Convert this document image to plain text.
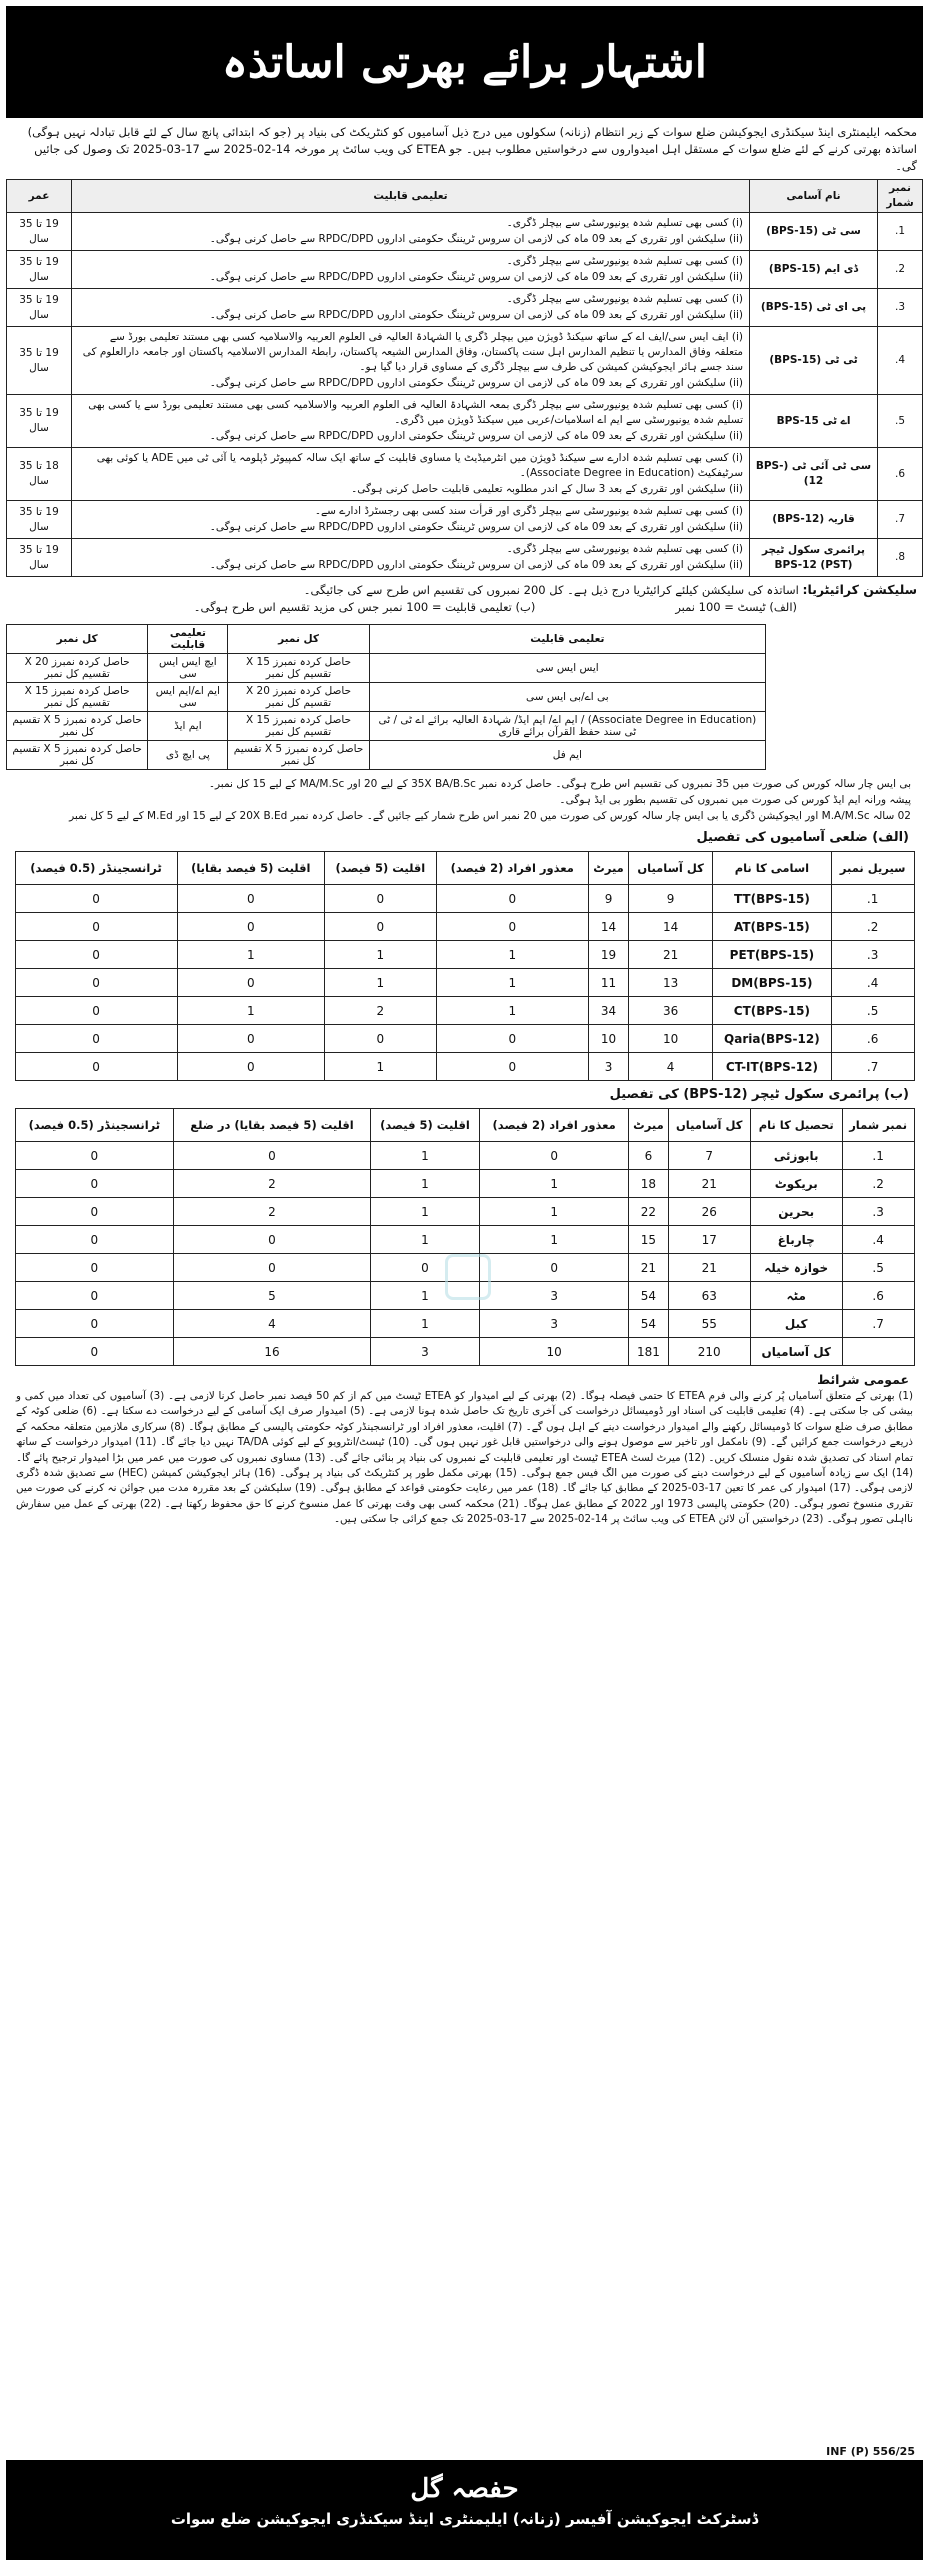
اشتہار برائے بھرتی اساتذہ
محکمہ ایلیمنٹری اینڈ سیکنڈری ایجوکیشن ضلع سوات کے زیر انتظام (زنانہ) سکولوں میں درج ذیل آسامیوں کو کنٹریکٹ کی بنیاد پر (جو کہ ابتدائی پانچ سال کے لئے قابل تبادلہ نہیں ہوگی) اساتذہ بھرتی کرنے کے لئے ضلع سوات کے مستقل اہل امیدواروں سے درخواستیں مطلوب ہیں۔ جو ETEA کی ویب سائٹ پر مورخہ 14-02-2025 سے 17-03-2025 تک وصول کی جائیں گی۔
نمبر شمار	نام آسامی	تعلیمی قابلیت	عمر
1.	سی ٹی (BPS-15)	(i) کسی بھی تسلیم شدہ یونیورسٹی سے بیچلر ڈگری۔
(ii) سلیکشن اور تقرری کے بعد 09 ماہ کی لازمی ان سروس ٹریننگ حکومتی اداروں RPDC/DPD سے حاصل کرنی ہوگی۔	19 تا 35 سال
2.	ڈی ایم (BPS-15)	(i) کسی بھی تسلیم شدہ یونیورسٹی سے بیچلر ڈگری۔
(ii) سلیکشن اور تقرری کے بعد 09 ماہ کی لازمی ان سروس ٹریننگ حکومتی اداروں RPDC/DPD سے حاصل کرنی ہوگی۔	19 تا 35 سال
3.	پی ای ٹی (BPS-15)	(i) کسی بھی تسلیم شدہ یونیورسٹی سے بیچلر ڈگری۔
(ii) سلیکشن اور تقرری کے بعد 09 ماہ کی لازمی ان سروس ٹریننگ حکومتی اداروں RPDC/DPD سے حاصل کرنی ہوگی۔	19 تا 35 سال
4.	ٹی ٹی (BPS-15)	(i) ایف ایس سی/ایف اے کے ساتھ سیکنڈ ڈویژن میں بیچلر ڈگری یا الشہادۃ العالیہ فی العلوم العربیہ والاسلامیہ کسی بھی مستند تعلیمی بورڈ سے متعلقہ وفاق المدارس یا تنظیم المدارس اہل سنت پاکستان، وفاق المدارس الشیعہ پاکستان، رابطۃ المدارس الاسلامیہ پاکستان اور جامعہ دارالعلوم کی سند جسے ہائر ایجوکیشن کمیشن کی طرف سے بیچلر ڈگری کے مساوی قرار دیا گیا ہو۔
(ii) سلیکشن اور تقرری کے بعد 09 ماہ کی لازمی ان سروس ٹریننگ حکومتی اداروں RPDC/DPD سے حاصل کرنی ہوگی۔	19 تا 35 سال
5.	اے ٹی BPS-15	(i) کسی بھی تسلیم شدہ یونیورسٹی سے بیچلر ڈگری بمعہ الشہادۃ العالیہ فی العلوم العربیہ والاسلامیہ کسی بھی مستند تعلیمی بورڈ سے یا کسی بھی تسلیم شدہ یونیورسٹی سے ایم اے اسلامیات/عربی میں سیکنڈ ڈویژن میں ڈگری۔
(ii) سلیکشن اور تقرری کے بعد 09 ماہ کی لازمی ان سروس ٹریننگ حکومتی اداروں RPDC/DPD سے حاصل کرنی ہوگی۔	19 تا 35 سال
6.	سی ٹی آئی ٹی (BPS-12)	(i) کسی بھی تسلیم شدہ ادارے سے سیکنڈ ڈویژن میں انٹرمیڈیٹ یا مساوی قابلیت کے ساتھ ایک سالہ کمپیوٹر ڈپلومہ یا آئی ٹی میں ADE یا کوئی بھی سرٹیفکیٹ (Associate Degree in Education)۔
(ii) سلیکشن اور تقرری کے بعد 3 سال کے اندر مطلوبہ تعلیمی قابلیت حاصل کرنی ہوگی۔	18 تا 35 سال
7.	قاریہ (BPS-12)	(i) کسی بھی تسلیم شدہ یونیورسٹی سے بیچلر ڈگری اور قرأت سند کسی بھی رجسٹرڈ ادارے سے۔
(ii) سلیکشن اور تقرری کے بعد 09 ماہ کی لازمی ان سروس ٹریننگ حکومتی اداروں RPDC/DPD سے حاصل کرنی ہوگی۔	19 تا 35 سال
8.	پرائمری سکول ٹیچر (PST) BPS-12	(i) کسی بھی تسلیم شدہ یونیورسٹی سے بیچلر ڈگری۔
(ii) سلیکشن اور تقرری کے بعد 09 ماہ کی لازمی ان سروس ٹریننگ حکومتی اداروں RPDC/DPD سے حاصل کرنی ہوگی۔	19 تا 35 سال
سلیکشن کرائیٹریا: اساتذہ کی سلیکشن کیلئے کرائیٹریا درج ذیل ہے۔ کل 200 نمبروں کی تقسیم اس طرح سے کی جائیگی۔
(الف) ٹیسٹ = 100 نمبر
(ب) تعلیمی قابلیت = 100 نمبر جس کی مزید تقسیم اس طرح ہوگی۔
تعلیمی قابلیت	کل نمبر	تعلیمی قابلیت	کل نمبر
ایس ایس سی	حاصل کردہ نمبرز X 15 تقسیم کل نمبر	ایچ ایس ایس سی	حاصل کردہ نمبرز X 20 تقسیم کل نمبر
بی اے/بی ایس سی	حاصل کردہ نمبرز X 20 تقسیم کل نمبر	ایم اے/ایم ایس سی	حاصل کردہ نمبرز X 15 تقسیم کل نمبر
(Associate Degree in Education) / ایم اے/ ایم ایڈ/ شہادۃ العالیہ برائے اے ٹی / ٹی ٹی سند حفظ القرآن برائے قاری	حاصل کردہ نمبرز X 15 تقسیم کل نمبر	ایم ایڈ	حاصل کردہ نمبرز X 5 تقسیم کل نمبر
ایم فل	حاصل کردہ نمبرز X 5 تقسیم کل نمبر	پی ایچ ڈی	حاصل کردہ نمبرز X 5 تقسیم کل نمبر
بی ایس چار سالہ کورس کی صورت میں 35 نمبروں کی تقسیم اس طرح ہوگی۔ حاصل کردہ نمبر 35X BA/B.Sc کے لیے 20 اور MA/M.Sc کے لیے 15 کل نمبر۔
پیشہ ورانہ ایم ایڈ کورس کی صورت میں نمبروں کی تقسیم بطور بی ایڈ ہوگی۔
02 سالہ M.A/M.Sc اور ایجوکیشن ڈگری یا بی ایس چار سالہ کورس کی صورت میں 20 نمبر اس طرح شمار کیے جائیں گے۔ حاصل کردہ نمبر 20X B.Ed کے لیے 15 اور M.Ed کے لیے 5 کل نمبر
(الف) ضلعی آسامیوں کی تفصیل
سیریل نمبر	اسامی کا نام	کل آسامیاں	میرٹ	معذور افراد (2 فیصد)	اقلیت (5 فیصد)	اقلیت (5 فیصد بقایا)	ٹرانسجینڈر (0.5 فیصد)
1.	TT(BPS-15)	9	9	0	0	0	0
2.	AT(BPS-15)	14	14	0	0	0	0
3.	PET(BPS-15)	21	19	1	1	1	0
4.	DM(BPS-15)	13	11	1	1	0	0
5.	CT(BPS-15)	36	34	1	2	1	0
6.	Qaria(BPS-12)	10	10	0	0	0	0
7.	CT-IT(BPS-12)	4	3	0	1	0	0
(ب) پرائمری سکول ٹیچر (BPS-12) کی تفصیل
نمبر شمار	تحصیل کا نام	کل آسامیاں	میرٹ	معذور افراد (2 فیصد)	اقلیت (5 فیصد)	اقلیت (5 فیصد بقایا) در ضلع	ٹرانسجینڈر (0.5 فیصد)
1.	بابوزئی	7	6	0	1	0	0
2.	بریکوٹ	21	18	1	1	2	0
3.	بحرین	26	22	1	1	2	0
4.	چارباغ	17	15	1	1	0	0
5.	خوازہ خیلہ	21	21	0	0	0	0
6.	مٹہ	63	54	3	1	5	0
7.	کبل	55	54	3	1	4	0
	کل آسامیاں	210	181	10	3	16	0
عمومی شرائط
(1) بھرتی کے متعلق آسامیاں پُر کرنے والی فرم ETEA کا حتمی فیصلہ ہوگا۔ (2) بھرتی کے لیے امیدوار کو ETEA ٹیسٹ میں کم از کم 50 فیصد نمبر حاصل کرنا لازمی ہے۔ (3) آسامیوں کی تعداد میں کمی و بیشی کی جا سکتی ہے۔ (4) تعلیمی قابلیت کی اسناد اور ڈومیسائل درخواست کی آخری تاریخ تک حاصل شدہ ہونا لازمی ہے۔ (5) امیدوار صرف ایک آسامی کے لیے درخواست دے سکتا ہے۔ (6) ضلعی کوٹہ کے مطابق صرف ضلع سوات کا ڈومیسائل رکھنے والے امیدوار درخواست دینے کے اہل ہوں گے۔ (7) اقلیت، معذور افراد اور ٹرانسجینڈر کوٹہ حکومتی پالیسی کے مطابق ہوگا۔ (8) سرکاری ملازمین متعلقہ محکمہ کے ذریعے درخواست جمع کرائیں گے۔ (9) نامکمل اور تاخیر سے موصول ہونے والی درخواستیں قابل غور نہیں ہوں گی۔ (10) ٹیسٹ/انٹرویو کے لیے کوئی TA/DA نہیں دیا جائے گا۔ (11) امیدوار درخواست کے ساتھ تمام اسناد کی تصدیق شدہ نقول منسلک کریں۔ (12) میرٹ لسٹ ETEA ٹیسٹ اور تعلیمی قابلیت کے نمبروں کی بنیاد پر بنائی جائے گی۔ (13) مساوی نمبروں کی صورت میں عمر میں بڑا امیدوار ترجیح پائے گا۔ (14) ایک سے زیادہ آسامیوں کے لیے درخواست دینے کی صورت میں الگ فیس جمع ہوگی۔ (15) بھرتی مکمل طور پر کنٹریکٹ کی بنیاد پر ہوگی۔ (16) ہائر ایجوکیشن کمیشن (HEC) سے تصدیق شدہ ڈگری لازمی ہوگی۔ (17) امیدوار کی عمر کا تعین 17-03-2025 کے مطابق کیا جائے گا۔ (18) عمر میں رعایت حکومتی قواعد کے مطابق ہوگی۔ (19) سلیکشن کے بعد مقررہ مدت میں جوائن نہ کرنے کی صورت میں تقرری منسوخ تصور ہوگی۔ (20) حکومتی پالیسی 1973 اور 2022 کے مطابق عمل ہوگا۔ (21) محکمہ کسی بھی وقت بھرتی کا عمل منسوخ کرنے کا حق محفوظ رکھتا ہے۔ (22) بھرتی کے عمل میں سفارش نااہلی تصور ہوگی۔ (23) درخواستیں آن لائن ETEA کی ویب سائٹ پر 14-02-2025 سے 17-03-2025 تک جمع کرائی جا سکتی ہیں۔
INF (P) 556/25
حفصہ گل
ڈسٹرکٹ ایجوکیشن آفیسر (زنانہ) ایلیمنٹری اینڈ سیکنڈری ایجوکیشن ضلع سوات
